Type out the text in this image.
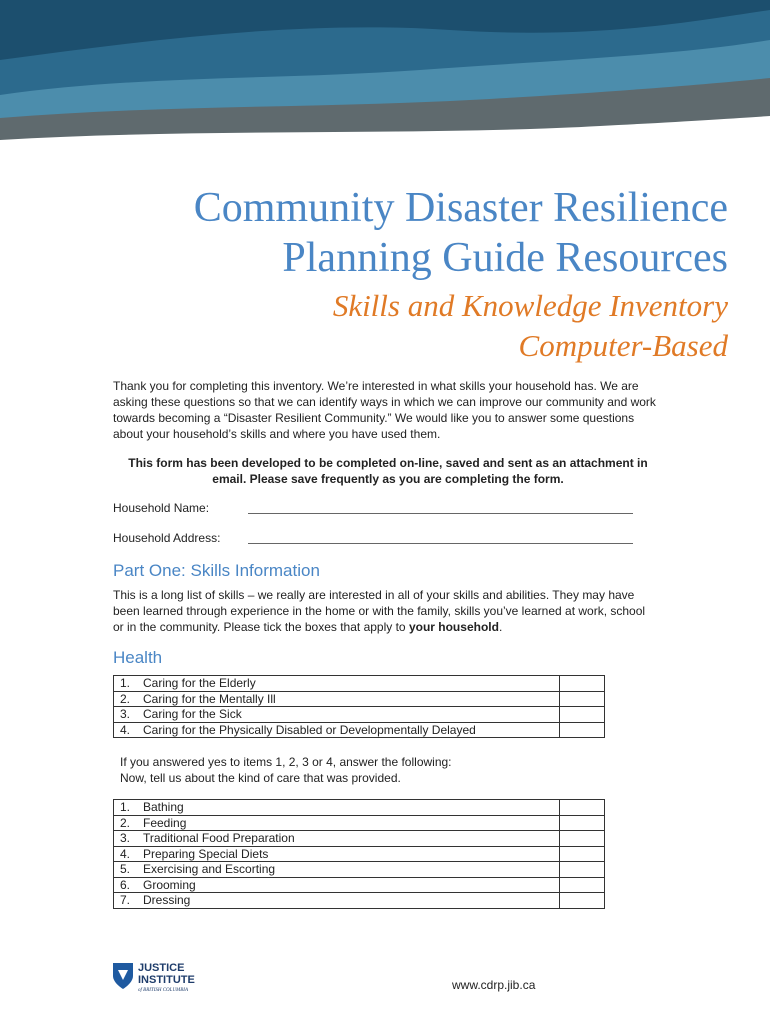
Community Disaster Resilience
Planning Guide Resources
Skills and Knowledge Inventory
Computer-Based

Thank you for completing this inventory. We’re interested in what skills your household has. We are asking these questions so that we can identify ways in which we can improve our community and work towards becoming a “Disaster Resilient Community.” We would like you to answer some questions about your household’s skills and where you have used them.

This form has been developed to be completed on-line, saved and sent as an attachment in email. Please save frequently as you are completing the form.

Household Name:
Household Address:
Part One: Skills Information

This is a long list of skills – we really are interested in all of your skills and abilities. They may have been learned through experience in the home or with the family, skills you’ve learned at work, school or in the community. Please tick the boxes that apply to your household.

Health
1. Caring for the Elderly	
2. Caring for the Mentally Ill	
3. Caring for the Sick	
4. Caring for the Physically Disabled or Developmentally Delayed	

If you answered yes to items 1, 2, 3 or 4, answer the following:
Now, tell us about the kind of care that was provided.

1. Bathing	
2. Feeding	
3. Traditional Food Preparation	
4. Preparing Special Diets	
5. Exercising and Escorting	
6. Grooming	
7. Dressing	
JUSTICE
INSTITUTE
of BRITISH COLUMBIA	www.cdrp.jib.ca
